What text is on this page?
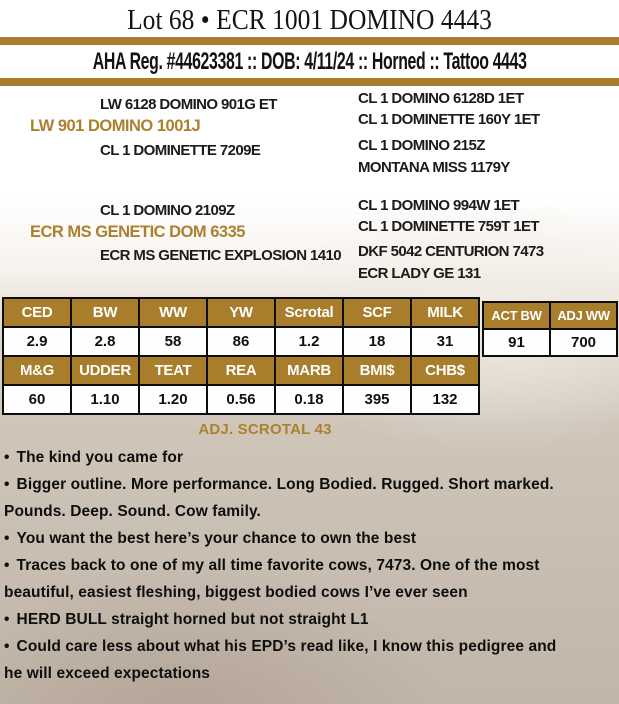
Lot 68 • ECR 1001 DOMINO 4443
AHA Reg. #44623381 :: DOB: 4/11/24 :: Horned :: Tattoo 4443
LW 6128 DOMINO 901G ET
LW 901 DOMINO 1001J
CL 1 DOMINETTE 7209E
CL 1 DOMINO 6128D 1ET
CL 1 DOMINETTE 160Y 1ET
CL 1 DOMINO 215Z
MONTANA MISS 1179Y
CL 1 DOMINO 2109Z
ECR MS GENETIC DOM 6335
ECR MS GENETIC EXPLOSION 1410
CL 1 DOMINO 994W 1ET
CL 1 DOMINETTE 759T 1ET
DKF 5042 CENTURION 7473
ECR LADY GE 131
CED	BW	WW	YW	Scrotal	SCF	MILK
2.9	2.8	58	86	1.2	18	31
M&G	UDDER	TEAT	REA	MARB	BMI$	CHB$
60	1.10	1.20	0.56	0.18	395	132
ACT BW	ADJ WW
91	700
ADJ. SCROTAL 43
• The kind you came for
• Bigger outline. More performance. Long Bodied. Rugged. Short marked.
Pounds. Deep. Sound. Cow family.
• You want the best here’s your chance to own the best
• Traces back to one of my all time favorite cows, 7473. One of the most
beautiful, easiest fleshing, biggest bodied cows I’ve ever seen
• HERD BULL straight horned but not straight L1
• Could care less about what his EPD’s read like, I know this pedigree and
he will exceed expectations
